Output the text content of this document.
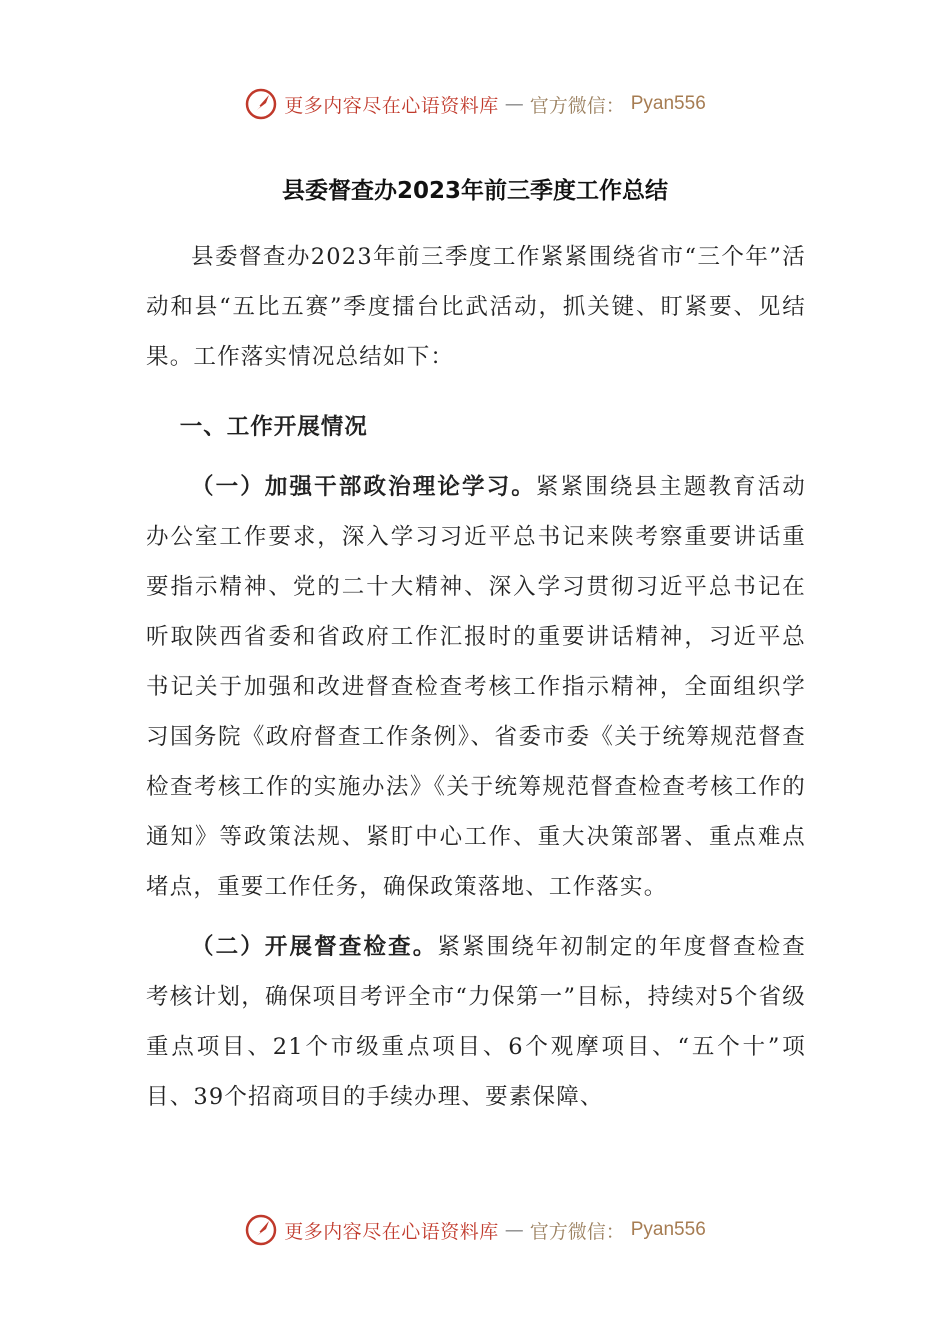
更多内容尽在心语资料库 — 官方微信： Pyan556
县委督查办2023年前三季度工作总结

县委督查办2023年前三季度工作紧紧围绕省市“三个年”活动和县“五比五赛”季度擂台比武活动，抓关键、盯紧要、见结果。工作落实情况总结如下：

一、工作开展情况

（一）加强干部政治理论学习。紧紧围绕县主题教育活动办公室工作要求，深入学习习近平总书记来陕考察重要讲话重要指示精神、党的二十大精神、深入学习贯彻习近平总书记在听取陕西省委和省政府工作汇报时的重要讲话精神，习近平总书记关于加强和改进督查检查考核工作指示精神，全面组织学习国务院《政府督查工作条例》、省委市委《关于统筹规范督查检查考核工作的实施办法》《关于统筹规范督查检查考核工作的通知》等政策法规、紧盯中心工作、重大决策部署、重点难点堵点，重要工作任务，确保政策落地、工作落实。

（二）开展督查检查。紧紧围绕年初制定的年度督查检查考核计划，确保项目考评全市“力保第一”目标，持续对5个省级重点项目、21个市级重点项目、6个观摩项目、“五个十”项目、39个招商项目的手续办理、要素保障、

更多内容尽在心语资料库 — 官方微信： Pyan556
